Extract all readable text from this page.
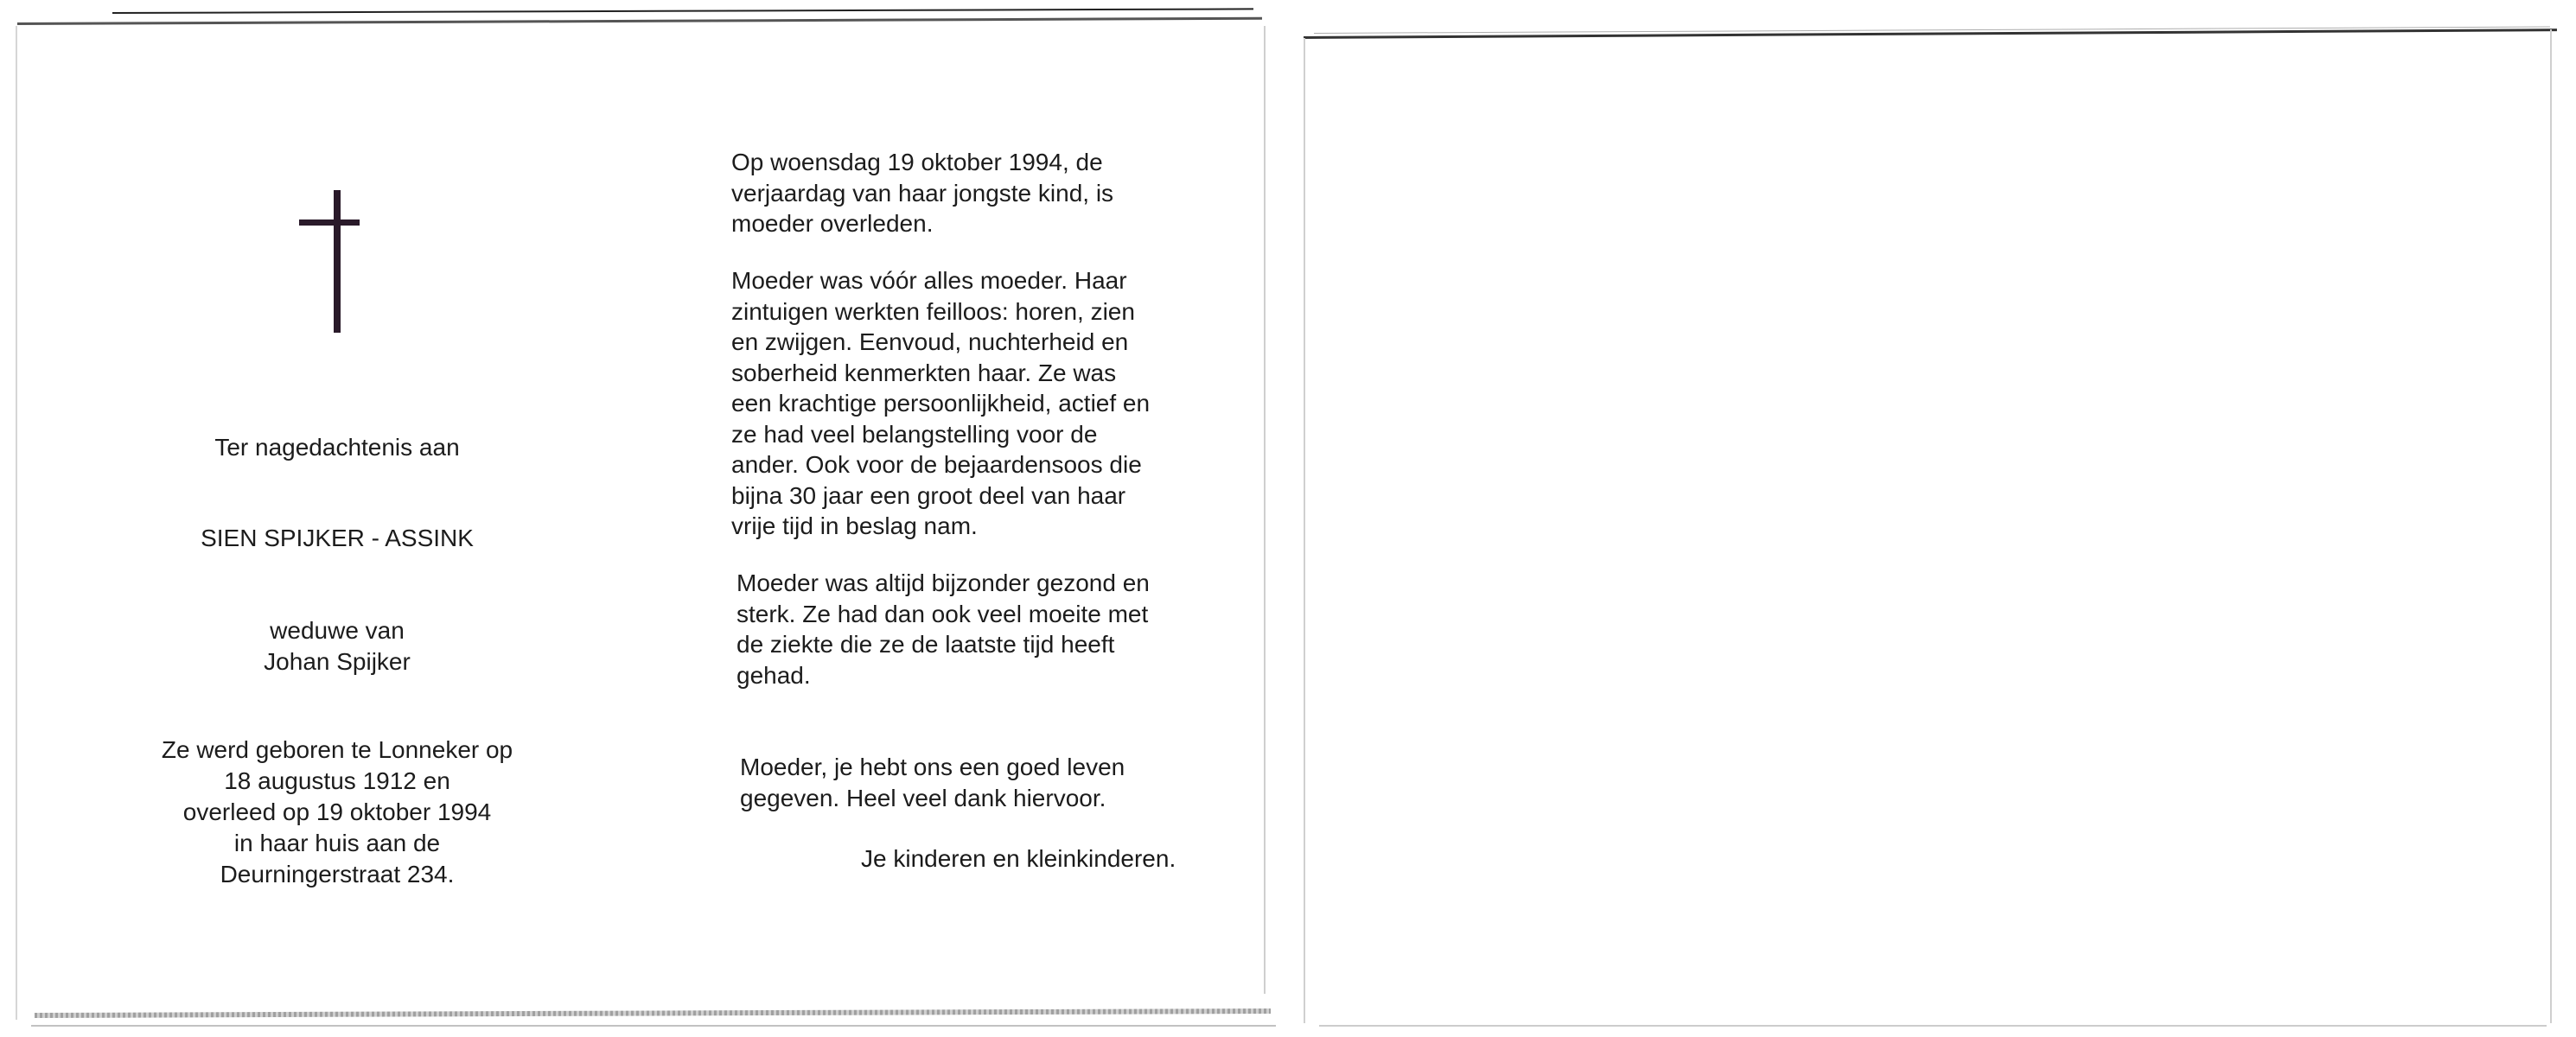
Ter nagedachtenis aan
SIEN SPIJKER - ASSINK
weduwe van
Johan Spijker
Ze werd geboren te Lonneker op
18 augustus 1912 en
overleed op 19 oktober 1994
in haar huis aan de
Deurningerstraat 234.
Op woensdag 19 oktober 1994, de
verjaardag van haar jongste kind, is
moeder overleden.
Moeder was vóór alles moeder. Haar
zintuigen werkten feilloos: horen, zien
en zwijgen. Eenvoud, nuchterheid en
soberheid kenmerkten haar. Ze was
een krachtige persoonlijkheid, actief en
ze had veel belangstelling voor de
ander. Ook voor de bejaardensoos die
bijna 30 jaar een groot deel van haar
vrije tijd in beslag nam.
Moeder was altijd bijzonder gezond en
sterk. Ze had dan ook veel moeite met
de ziekte die ze de laatste tijd heeft
gehad.
Moeder, je hebt ons een goed leven
gegeven. Heel veel dank hiervoor.
Je kinderen en kleinkinderen.
